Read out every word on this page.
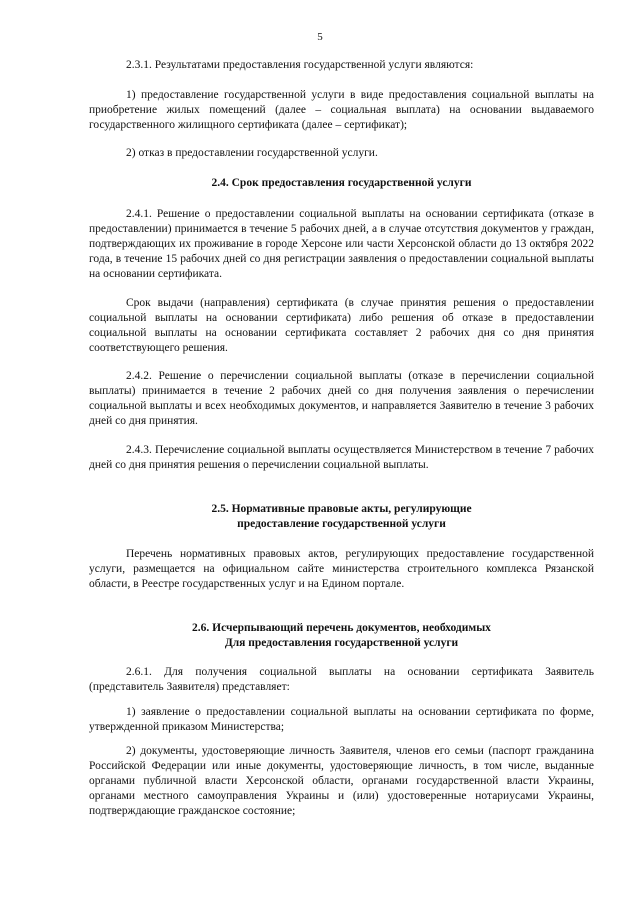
5

2.3.1. Результатами предоставления государственной услуги являются:

1) предоставление государственной услуги в виде предоставления социальной выплаты на приобретение жилых помещений (далее – социальная выплата) на основании выдаваемого государственного жилищного сертификата (далее – сертификат);

2) отказ в предоставлении государственной услуги.

2.4. Срок предоставления государственной услуги

2.4.1. Решение о предоставлении социальной выплаты на основании сертификата (отказе в предоставлении) принимается в течение 5 рабочих дней, а в случае отсутствия документов у граждан, подтверждающих их проживание в городе Херсоне или части Херсонской области до 13 октября 2022 года, в течение 15 рабочих дней со дня регистрации заявления о предоставлении социальной выплаты на основании сертификата.

Срок выдачи (направления) сертификата (в случае принятия решения о предоставлении социальной выплаты на основании сертификата) либо решения об отказе в предоставлении социальной выплаты на основании сертификата составляет 2 рабочих дня со дня принятия соответствующего решения.

2.4.2. Решение о перечислении социальной выплаты (отказе в перечислении социальной выплаты) принимается в течение 2 рабочих дней со дня получения заявления о перечислении социальной выплаты и всех необходимых документов, и направляется Заявителю в течение 3 рабочих дней со дня принятия.

2.4.3. Перечисление социальной выплаты осуществляется Министерством в течение 7 рабочих дней со дня принятия решения о перечислении социальной выплаты.

2.5. Нормативные правовые акты, регулирующие
предоставление государственной услуги

Перечень нормативных правовых актов, регулирующих предоставление государственной услуги, размещается на официальном сайте министерства строительного комплекса Рязанской области, в Реестре государственных услуг и на Едином портале.

2.6. Исчерпывающий перечень документов, необходимых
Для предоставления государственной услуги

2.6.1. Для получения социальной выплаты на основании сертификата Заявитель (представитель Заявителя) представляет:

1) заявление о предоставлении социальной выплаты на основании сертификата по форме, утвержденной приказом Министерства;

2) документы, удостоверяющие личность Заявителя, членов его семьи (паспорт гражданина Российской Федерации или иные документы, удостоверяющие личность, в том числе, выданные органами публичной власти Херсонской области, органами государственной власти Украины, органами местного самоуправления Украины и (или) удостоверенные нотариусами Украины, подтверждающие гражданское состояние;
